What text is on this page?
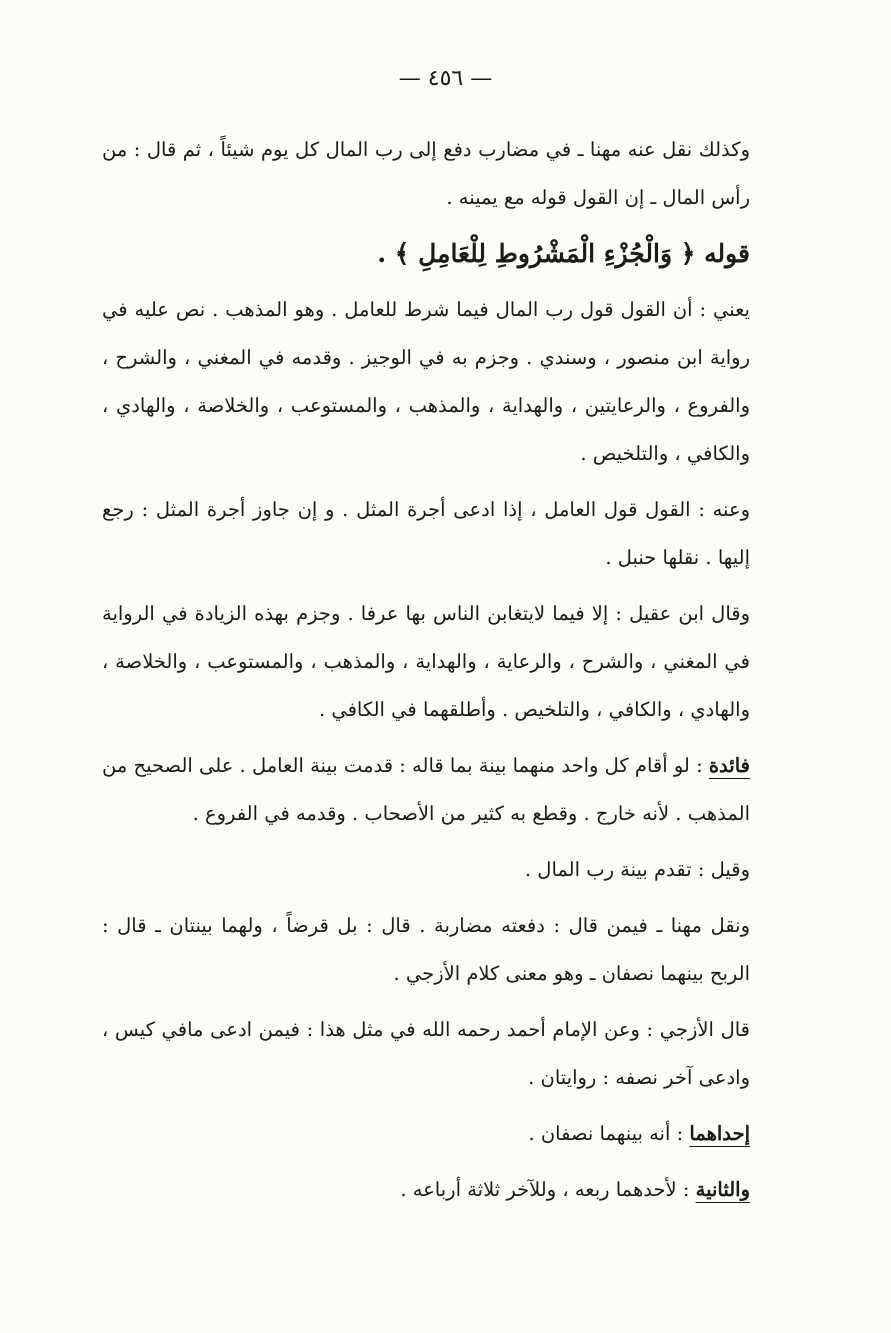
— ٤٥٦ —

وكذلك نقل عنه مهنا ـ في مضارب دفع إلى رب المال كل يوم شيئاً ، ثم قال : من رأس المال ـ إن القول قوله مع يمينه .

قوله ﴿ وَالْجُزْءِ الْمَشْرُوطِ لِلْعَامِلِ ﴾ .

يعني : أن القول قول رب المال فيما شرط للعامل . وهو المذهب . نص عليه في رواية ابن منصور ، وسندي . وجزم به في الوجيز . وقدمه في المغني ، والشرح ، والفروع ، والرعايتين ، والهداية ، والمذهب ، والمستوعب ، والخلاصة ، والهادي ، والكافي ، والتلخيص .

وعنه : القول قول العامل ، إذا ادعى أجرة المثل . و إن جاوز أجرة المثل : رجع إليها . نقلها حنبل .

وقال ابن عقيل : إلا فيما لايتغابن الناس بها عرفا . وجزم بهذه الزيادة في الرواية في المغني ، والشرح ، والرعاية ، والهداية ، والمذهب ، والمستوعب ، والخلاصة ، والهادي ، والكافي ، والتلخيص . وأطلقهما في الكافي .

فائدة : لو أقام كل واحد منهما بينة بما قاله : قدمت بينة العامل . على الصحيح من المذهب . لأنه خارج . وقطع به كثير من الأصحاب . وقدمه في الفروع .

وقيل : تقدم بينة رب المال .

ونقل مهنا ـ فيمن قال : دفعته مضاربة . قال : بل قرضاً ، ولهما بينتان ـ قال : الربح بينهما نصفان ـ وهو معنى كلام الأزجي .

قال الأزجي : وعن الإمام أحمد رحمه الله في مثل هذا : فيمن ادعى مافي كيس ، وادعى آخر نصفه : روايتان .

إحداهما : أنه بينهما نصفان .

والثانية : لأحدهما ربعه ، وللآخر ثلاثة أرباعه .
